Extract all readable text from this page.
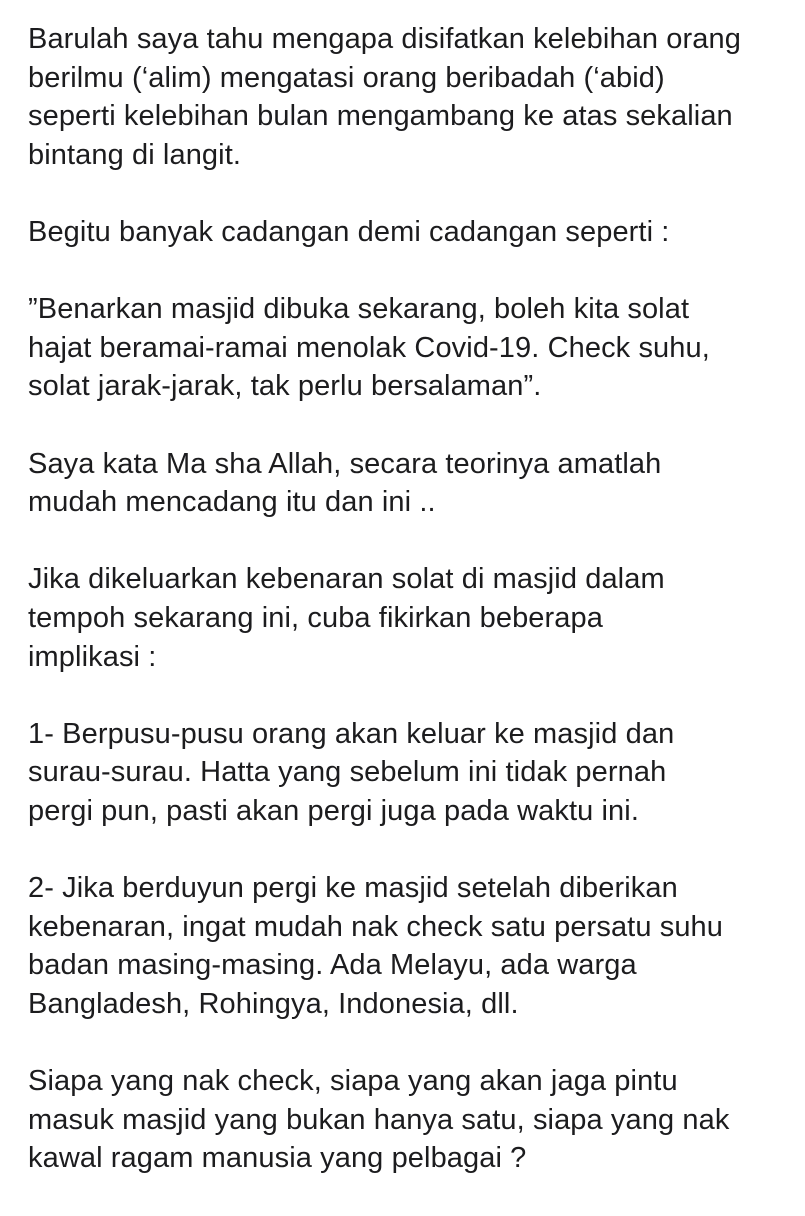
Barulah saya tahu mengapa disifatkan kelebihan orang
berilmu (‘alim) mengatasi orang beribadah (‘abid)
seperti kelebihan bulan mengambang ke atas sekalian
bintang di langit.

Begitu banyak cadangan demi cadangan seperti :

”Benarkan masjid dibuka sekarang, boleh kita solat
hajat beramai-ramai menolak Covid-19. Check suhu,
solat jarak-jarak, tak perlu bersalaman”.

Saya kata Ma sha Allah, secara teorinya amatlah
mudah mencadang itu dan ini ..

Jika dikeluarkan kebenaran solat di masjid dalam
tempoh sekarang ini, cuba fikirkan beberapa
implikasi :

1- Berpusu-pusu orang akan keluar ke masjid dan
surau-surau. Hatta yang sebelum ini tidak pernah
pergi pun, pasti akan pergi juga pada waktu ini.

2- Jika berduyun pergi ke masjid setelah diberikan
kebenaran, ingat mudah nak check satu persatu suhu
badan masing-masing. Ada Melayu, ada warga
Bangladesh, Rohingya, Indonesia, dll.

Siapa yang nak check, siapa yang akan jaga pintu
masuk masjid yang bukan hanya satu, siapa yang nak
kawal ragam manusia yang pelbagai ?
